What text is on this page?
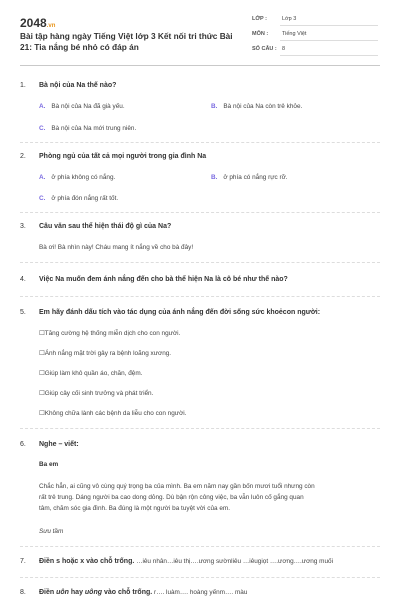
2048.vn
Bài tập hàng ngày Tiếng Việt lớp 3 Kết nối tri thức Bài 21: Tia nắng bé nhỏ có đáp án
LỚP :	Lớp 3
MÔN :	Tiếng Việt
SỐ CÂU : 8
1. Bà nội của Na thế nào?
A. Bà nội của Na đã già yếu.	B. Bà nội của Na còn trẻ khỏe.
C. Bà nội của Na mới trung niên.
2. Phòng ngủ của tất cả mọi người trong gia đình Na
A. ở phía không có nắng.	B. ở phía có nắng rực rỡ.
C. ở phía đón nắng rất tốt.
3. Câu văn sau thể hiện thái độ gì của Na?
Bà ơi! Bà nhìn này! Cháu mang ít nắng về cho bà đây!
4. Việc Na muốn đem ánh nắng đến cho bà thể hiện Na là cô bé như thế nào?
5. Em hãy đánh dấu tích vào tác dụng của ánh nắng đến đời sống sức khoẻcon người:
☐Tăng cường hệ thống miễn dịch cho con người.
☐Ánh nắng mặt trời gây ra bệnh loãng xương.
☐Giúp làm khô quần áo, chăn, đệm.
☐Giúp cây cối sinh trưởng và phát triển.
☐Không chữa lành các bệnh da liễu cho con người.
6. Nghe – viết:
Ba em
Chắc hẳn, ai cũng vô cùng quý trọng ba của mình. Ba em năm nay gần bốn mươi tuổi nhưng còn
rất trẻ trung. Dáng người ba cao dong dỏng. Dù bận rộn công việc, ba vẫn luôn cố gắng quan
tâm, chăm sóc gia đình. Ba đúng là một người ba tuyệt vời của em.
Sưu tầm
7. Điền s hoặc x vào chỗ trống. …iêu nhân…iêu thị….ương sườnliêu …iêugiọt ….ương….ương muối
8. Điền uôn hay uông vào chỗ trống. r…. luàm…. hoàng yếnm…. màu
